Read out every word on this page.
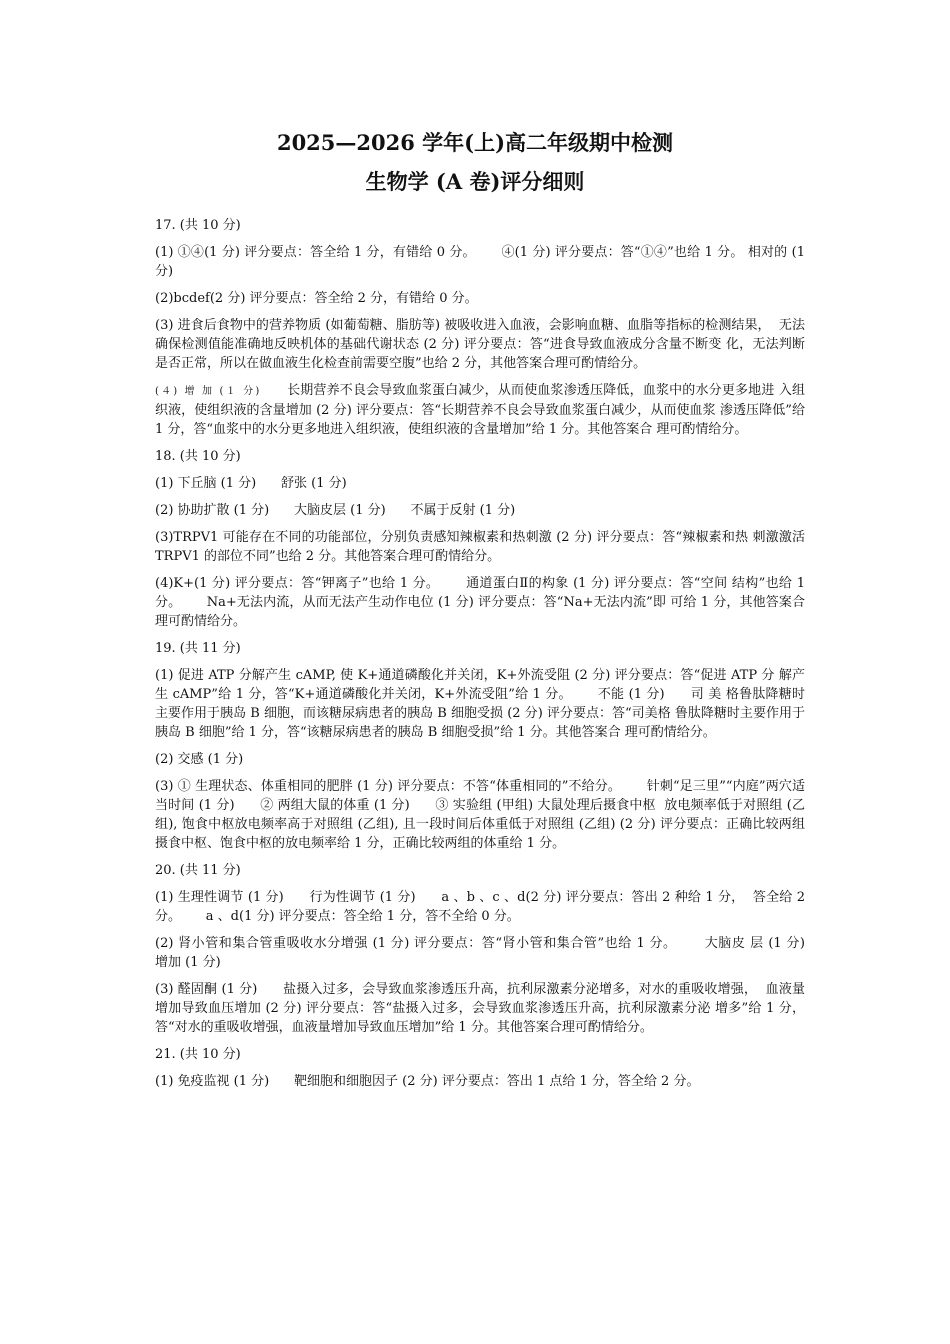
2025—2026 学年(上)高二年级期中检测
生物学 (A 卷)评分细则

17. (共 10 分)

(1) ①④(1 分) 评分要点：答全给 1 分，有错给 0 分。      ④(1 分) 评分要点：答“①④”也给 1 分。 相对的 (1 分)

(2)bcdef(2 分) 评分要点：答全给 2 分，有错给 0 分。

(3) 进食后食物中的营养物质 (如葡萄糖、脂肪等) 被吸收进入血液，会影响血糖、血脂等指标的检测结果，  无法确保检测值能准确地反映机体的基础代谢状态 (2 分) 评分要点：答“进食导致血液成分含量不断变 化，无法判断是否正常，所以在做血液生化检查前需要空腹”也给 2 分，其他答案合理可酌情给分。

(４) 增 加 (１ 分) 长期营养不良会导致血浆蛋白减少，从而使血浆渗透压降低，血浆中的水分更多地进 入组织液，使组织液的含量增加 (2 分) 评分要点：答“长期营养不良会导致血浆蛋白减少，从而使血浆 渗透压降低”给 1 分，答“血浆中的水分更多地进入组织液，使组织液的含量增加”给 1 分。其他答案合 理可酌情给分。

18. (共 10 分)

(1) 下丘脑 (1 分)      舒张 (1 分)

(2) 协助扩散 (1 分)      大脑皮层 (1 分)      不属于反射 (1 分)

(3)TRPV1 可能存在不同的功能部位，分别负责感知辣椒素和热刺激 (2 分) 评分要点：答“辣椒素和热 刺激激活 TRPV1 的部位不同”也给 2 分。其他答案合理可酌情给分。

(4)K+(1 分) 评分要点：答“钾离子”也给 1 分。      通道蛋白Ⅱ的构象 (1 分) 评分要点：答“空间 结构”也给 1 分。      Na+无法内流，从而无法产生动作电位 (1 分) 评分要点：答“Na+无法内流”即 可给 1 分，其他答案合理可酌情给分。

19. (共 11 分)

(1) 促进 ATP 分解产生 cAMP, 使 K+通道磷酸化并关闭，K+外流受阻 (2 分) 评分要点：答“促进 ATP 分 解产生 cAMP”给 1 分，答“K+通道磷酸化并关闭，K+外流受阻”给 1 分。      不能 (1 分)      司 美 格鲁肽降糖时主要作用于胰岛 B 细胞，而该糖尿病患者的胰岛 B 细胞受损 (2 分) 评分要点：答“司美格 鲁肽降糖时主要作用于胰岛 B 细胞”给 1 分，答“该糖尿病患者的胰岛 B 细胞受损”给 1 分。其他答案合 理可酌情给分。

(2) 交感 (1 分)

(3) ① 生理状态、体重相同的肥胖 (1 分) 评分要点：不答“体重相同的”不给分。      针刺“足三里”“内庭”两穴适当时间 (1 分)      ② 两组大鼠的体重 (1 分)      ③ 实验组 (甲组) 大鼠处理后摄食中枢  放电频率低于对照组 (乙组), 饱食中枢放电频率高于对照组 (乙组), 且一段时间后体重低于对照组 (乙组) (2 分) 评分要点：正确比较两组摄食中枢、饱食中枢的放电频率给 1 分，正确比较两组的体重给 1 分。

20. (共 11 分)

(1) 生理性调节 (1 分)      行为性调节 (1 分)      a 、b 、c 、d(2 分) 评分要点：答出 2 种给 1 分，  答全给 2 分。      a 、d(1 分) 评分要点：答全给 1 分，答不全给 0 分。

(2) 肾小管和集合管重吸收水分增强 (1 分) 评分要点：答“肾小管和集合管”也给 1 分。      大脑皮 层 (1 分)      增加 (1 分)

(3) 醛固酮 (1 分)      盐摄入过多，会导致血浆渗透压升高，抗利尿激素分泌增多，对水的重吸收增强，  血液量增加导致血压增加 (2 分) 评分要点：答“盐摄入过多，会导致血浆渗透压升高，抗利尿激素分泌 增多”给 1 分，答“对水的重吸收增强，血液量增加导致血压增加”给 1 分。其他答案合理可酌情给分。

21. (共 10 分)

(1) 免疫监视 (1 分)      靶细胞和细胞因子 (2 分) 评分要点：答出 1 点给 1 分，答全给 2 分。
